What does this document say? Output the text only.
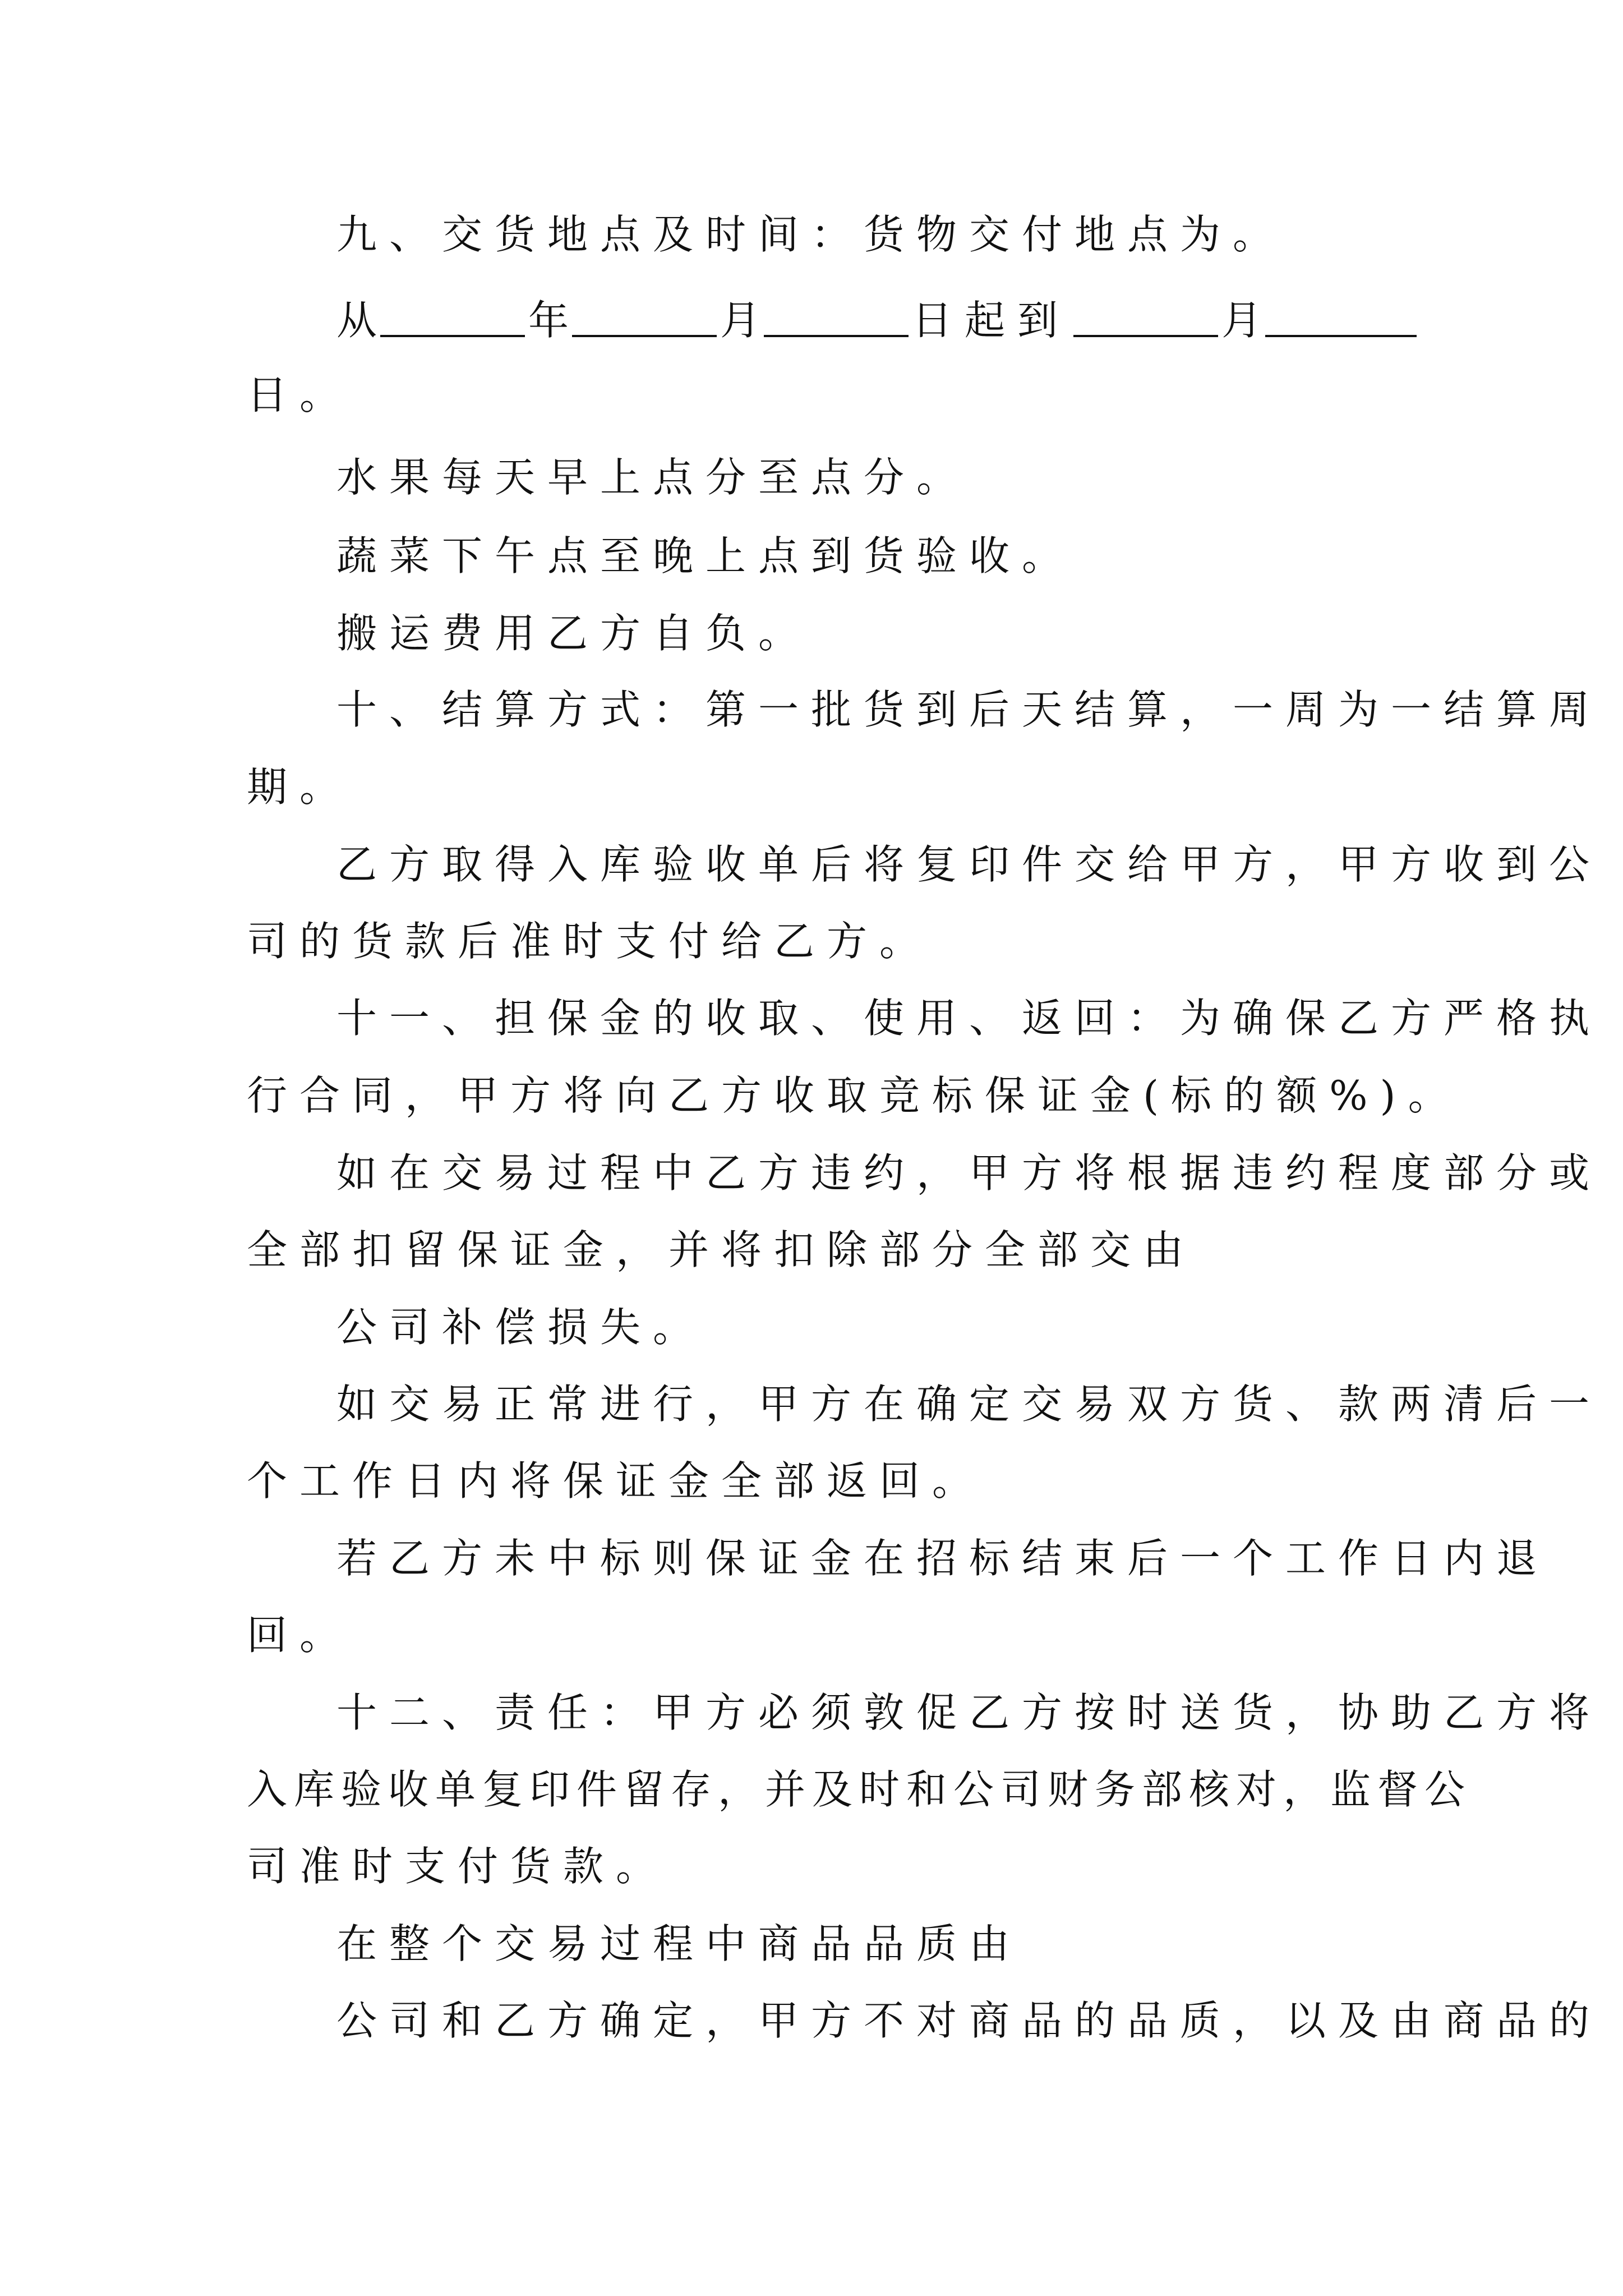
九、交货地点及时间：货物交付地点为。
从	年	月	日起到	月
日。
水果每天早上点分至点分。
蔬菜下午点至晚上点到货验收。
搬运费用乙方自负。
十、结算方式：第一批货到后天结算，一周为一结算周
期。
乙方取得入库验收单后将复印件交给甲方，甲方收到公
司的货款后准时支付给乙方。
十一、担保金的收取、使用、返回：为确保乙方严格执
行合同，甲方将向乙方收取竞标保证金(标的额%)。
如在交易过程中乙方违约，甲方将根据违约程度部分或
全部扣留保证金，并将扣除部分全部交由
公司补偿损失。
如交易正常进行，甲方在确定交易双方货、款两清后一
个工作日内将保证金全部返回。
若乙方未中标则保证金在招标结束后一个工作日内退
回。
十二、责任：甲方必须敦促乙方按时送货，协助乙方将
入库验收单复印件留存，并及时和公司财务部核对，监督公
司准时支付货款。
在整个交易过程中商品品质由
公司和乙方确定，甲方不对商品的品质，以及由商品的
